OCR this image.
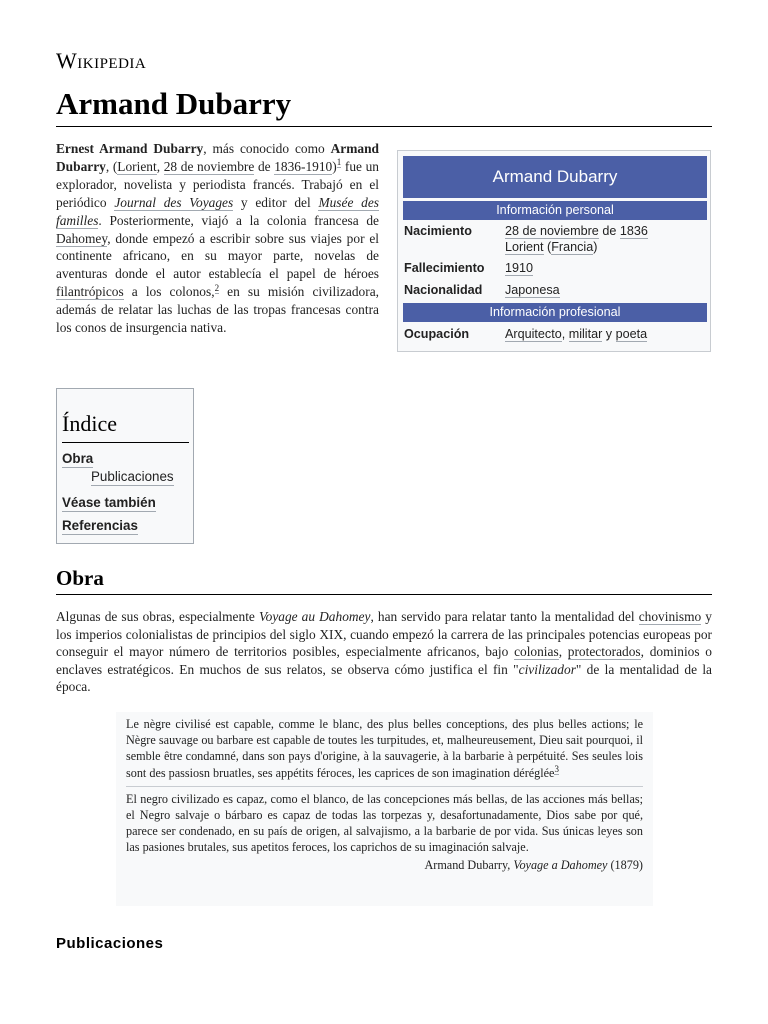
Wikipedia
Armand Dubarry

Ernest Armand Dubarry, más conocido como Armand Dubarry, (Lorient, 28 de noviembre de 1836-1910)$^1$ fue un explorador, novelista y periodista francés. Trabajó en el periódico Journal des Voyages y editor del Musée des familles. Posteriormente, viajó a la colonia francesa de Dahomey, donde empezó a escribir sobre sus viajes por el continente africano, en su mayor parte, novelas de aventuras donde el autor establecía el papel de héroes filantrópicos a los colonos,$^2$ en su misión civilizadora, además de relatar las luchas de las tropas francesas contra los conos de insurgencia nativa.

Armand Dubarry
Información personal
Nacimiento	28 de noviembre de 1836
Lorient (Francia)
Fallecimiento 1910
Nacionalidad Japonesa
Información profesional
Ocupación	Arquitecto, militar y poeta
Índice
Obra
Publicaciones
Véase también
Referencias
Obra

Algunas de sus obras, especialmente Voyage au Dahomey, han servido para relatar tanto la mentalidad del chovinismo y los imperios colonialistas de principios del siglo XIX, cuando empezó la carrera de las principales potencias europeas por conseguir el mayor número de territorios posibles, especialmente africanos, bajo colonias, protectorados, dominios o enclaves estratégicos. En muchos de sus relatos, se observa cómo justifica el fin "civilizador" de la mentalidad de la época.

Le nègre civilisé est capable, comme le blanc, des plus belles conceptions, des plus belles actions; le Nègre sauvage ou barbare est capable de toutes les turpitudes, et, malheureusement, Dieu sait pourquoi, il semble être condamné, dans son pays d'origine, à la sauvagerie, à la barbarie à perpétuité. Ses seules lois sont des passiosn bruatles, ses appétits féroces, les caprices de son imagination déréglée$^3$

El negro civilizado es capaz, como el blanco, de las concepciones más bellas, de las acciones más bellas; el Negro salvaje o bárbaro es capaz de todas las torpezas y, desafortunadamente, Dios sabe por qué, parece ser condenado, en su país de origen, al salvajismo, a la barbarie de por vida. Sus únicas leyes son las pasiones brutales, sus apetitos feroces, los caprichos de su imaginación salvaje.

Armand Dubarry, Voyage a Dahomey (1879)

Publicaciones
